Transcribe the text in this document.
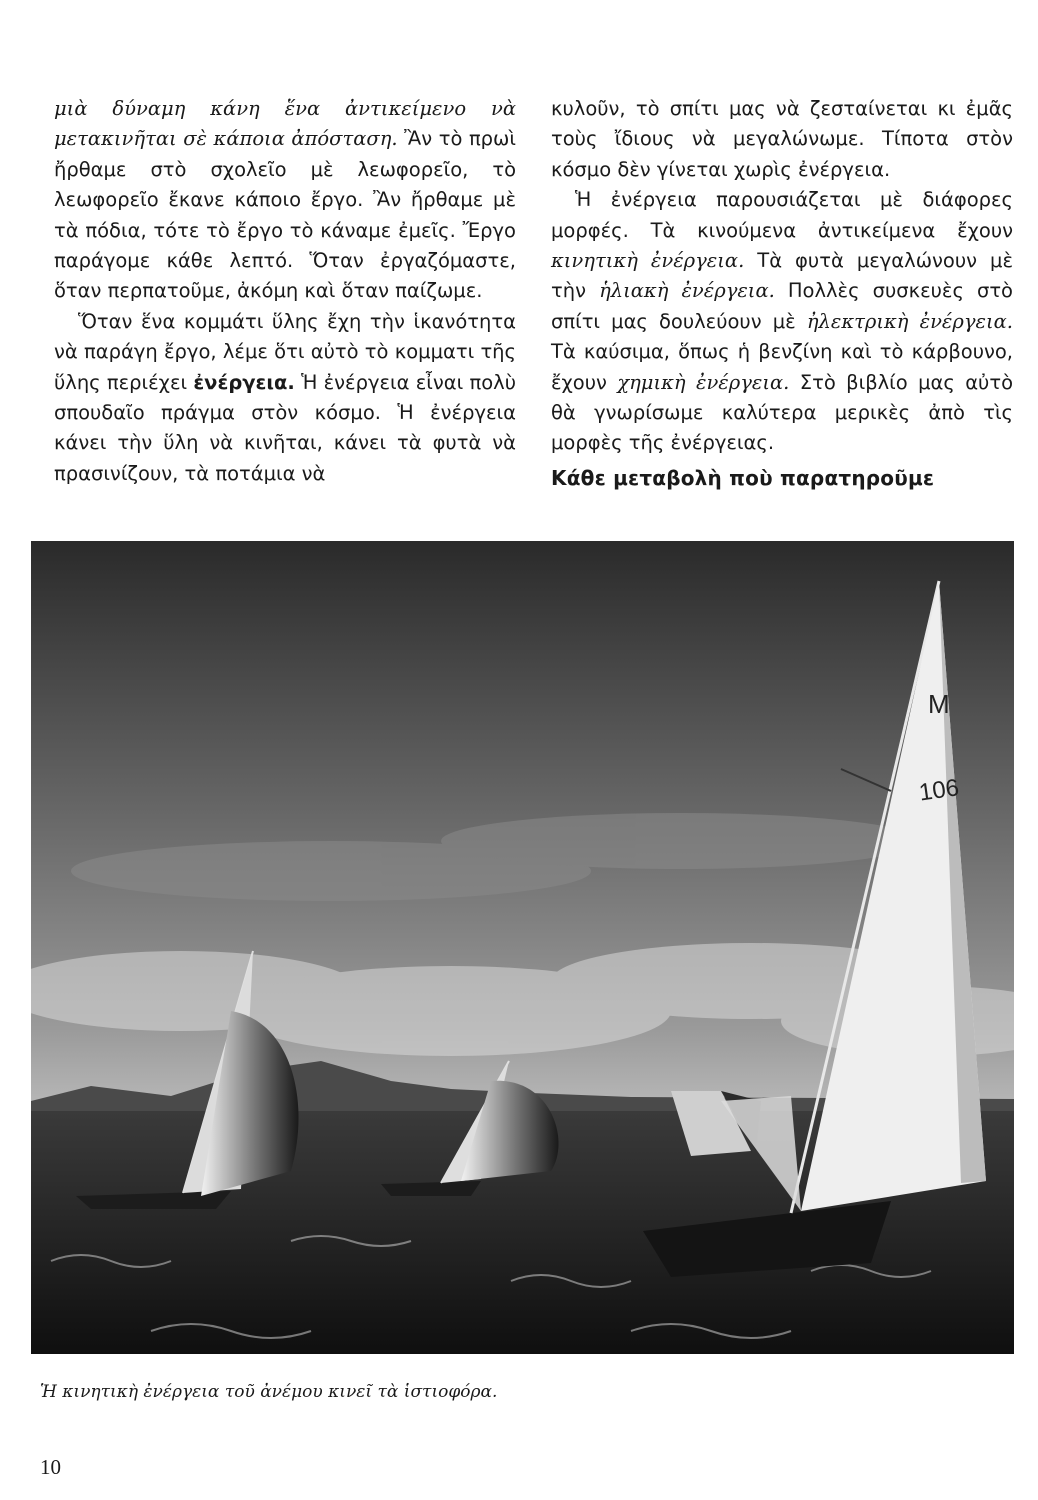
μιὰ δύναμη κάνη ἕνα ἀντικείμενο νὰ μετακινῆται σὲ κάποια ἀπόσταση. Ἂν τὸ πρωὶ ἤρθαμε στὸ σχολεῖο μὲ λεωφορεῖο, τὸ λεωφορεῖο ἔκανε κάποιο ἔργο. Ἂν ἤρθαμε μὲ τὰ πόδια, τότε τὸ ἔργο τὸ κάναμε ἐμεῖς. Ἔργο παράγομε κάθε λεπτό. Ὅταν ἐργαζόμαστε, ὅταν περπατοῦμε, ἀκόμη καὶ ὅταν παίζωμε.

Ὅταν ἕνα κομμάτι ὕλης ἔχη τὴν ἱκανότητα νὰ παράγη ἔργο, λέμε ὅτι αὐτὸ τὸ κομματι τῆς ὕλης περιέχει ἐνέργεια. Ἡ ἐνέργεια εἶναι πολὺ σπουδαῖο πράγμα στὸν κόσμο. Ἡ ἐνέργεια κάνει τὴν ὕλη νὰ κινῆται, κάνει τὰ φυτὰ νὰ πρασινίζουν, τὰ ποτάμια νὰ

κυλοῦν, τὸ σπίτι μας νὰ ζεσταίνεται κι ἐμᾶς τοὺς ἴδιους νὰ μεγαλώνωμε. Τίποτα στὸν κόσμο δὲν γίνεται χωρὶς ἐνέργεια.

Ἡ ἐνέργεια παρουσιάζεται μὲ διάφορες μορφές. Τὰ κινούμενα ἀντικείμενα ἔχουν κινητικὴ ἐνέργεια. Τὰ φυτὰ μεγαλώνουν μὲ τὴν ἡλιακὴ ἐνέργεια. Πολλὲς συσκευὲς στὸ σπίτι μας δουλεύουν μὲ ἠλεκτρικὴ ἐνέργεια. Τὰ καύσιμα, ὅπως ἡ βενζίνη καὶ τὸ κάρβουνο, ἔχουν χημικὴ ἐνέργεια. Στὸ βιβλίο μας αὐτὸ θὰ γνωρίσωμε καλύτερα μερικὲς ἀπὸ τὶς μορφὲς τῆς ἐνέργειας.

Κάθε μεταβολὴ ποὺ παρατηροῦμε
M
106
Ἡ κινητικὴ ἐνέργεια τοῦ ἀνέμου κινεῖ τὰ ἱστιοφόρα.
10
